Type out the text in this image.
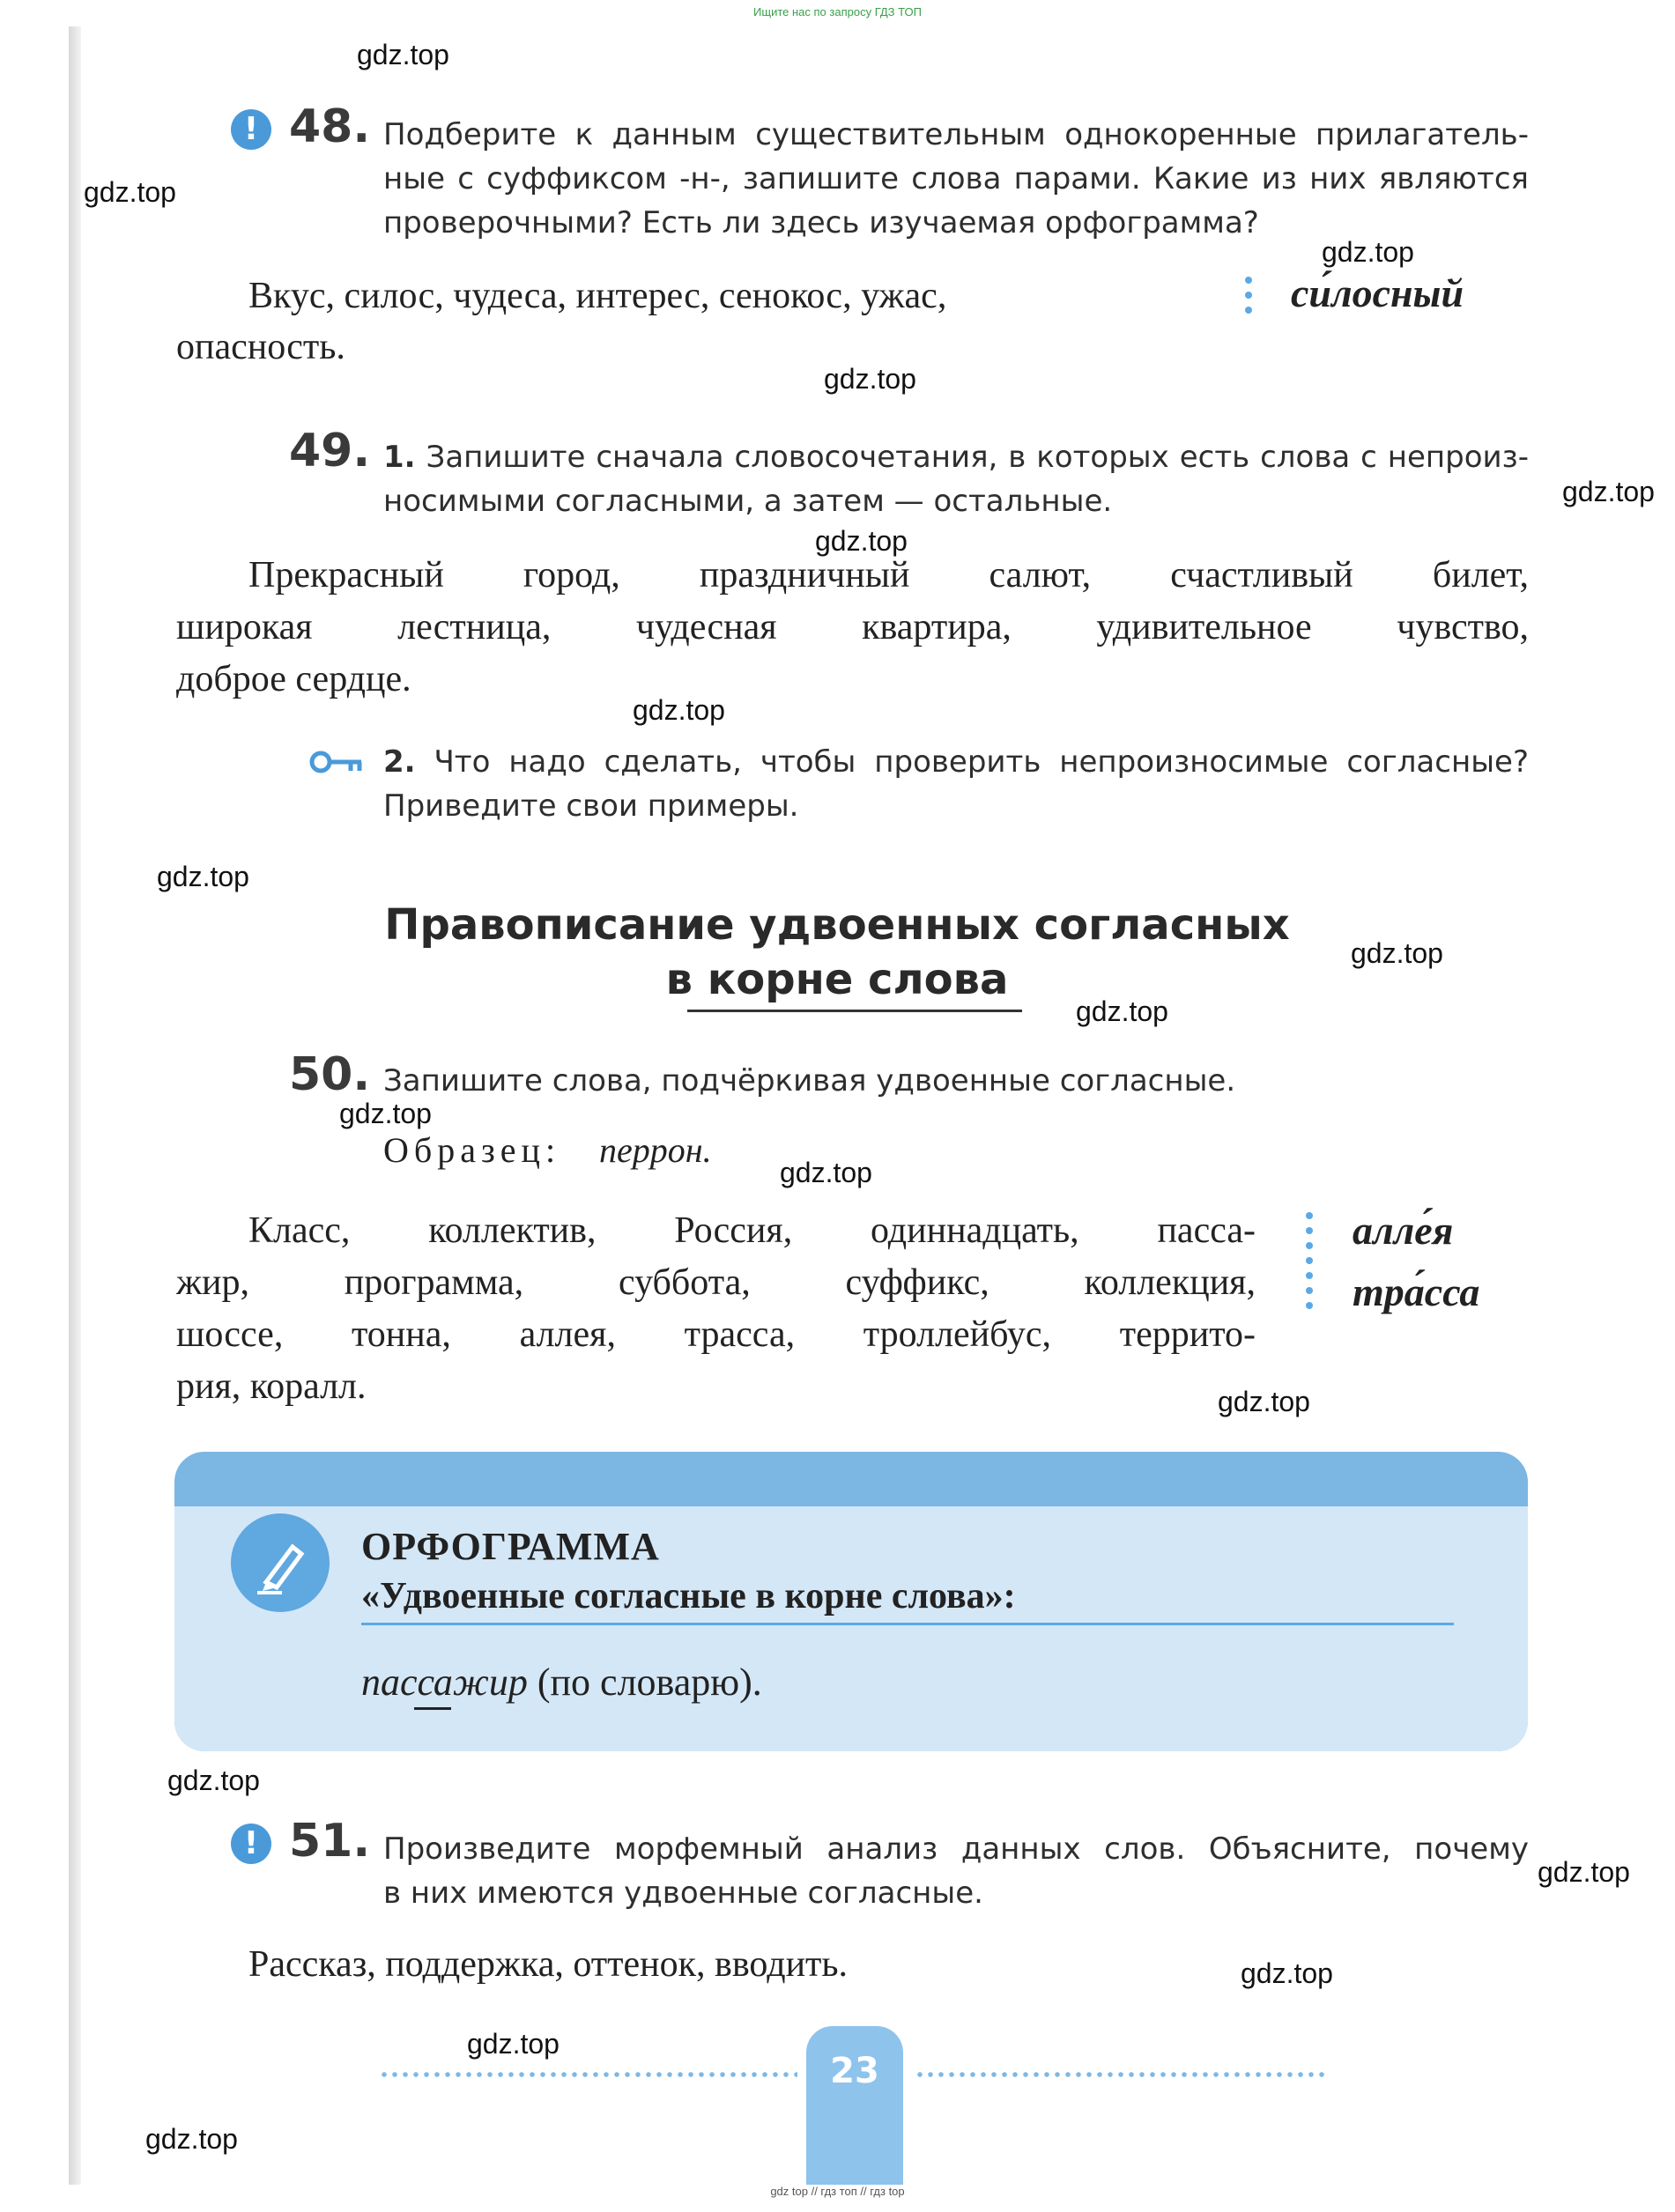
Ищите нас по запросу ГДЗ ТОП
gdz.top
gdz.top
gdz.top
gdz.top
gdz.top
gdz.top
gdz.top
gdz.top
gdz.top
gdz.top
gdz.top
gdz.top
gdz.top
gdz.top
gdz.top
gdz.top
gdz.top
gdz.top
! 48. Подберите к данным существительным однокоренные прилагатель-
ные с суффиксом -н-, запишите слова парами. Какие из них являются
проверочными? Есть ли здесь изучаемая орфограмма?
Вкус, силос, чудеса, интерес, сенокос, ужас,
опасность.
си́лосный
49. 1. Запишите сначала словосочетания, в которых есть слова с непроиз-
носимыми согласными, а затем — остальные.
Прекрасный город, праздничный салют, счастливый билет,
широкая лестница, чудесная квартира, удивительное чувство,
доброе сердце.
2. Что надо сделать, чтобы проверить непроизносимые согласные?
Приведите свои примеры.
Правописание удвоенных согласных
в корне слова
50. Запишите слова, подчёркивая удвоенные согласные.
Образец: перрон.
Класс, коллектив, Россия, одиннадцать, пасса-
жир, программа, суббота, суффикс, коллекция,
шоссе, тонна, аллея, трасса, троллейбус, террито-
рия, коралл.
алле́я
тра́сса
ОРФОГРАММА
«Удвоенные согласные в корне слова»:
пассажир (по словарю).
! 51. Произведите морфемный анализ данных слов. Объясните, почему
в них имеются удвоенные согласные.
Рассказ, поддержка, оттенок, вводить.
23
gdz top // гдз топ // гдз top
